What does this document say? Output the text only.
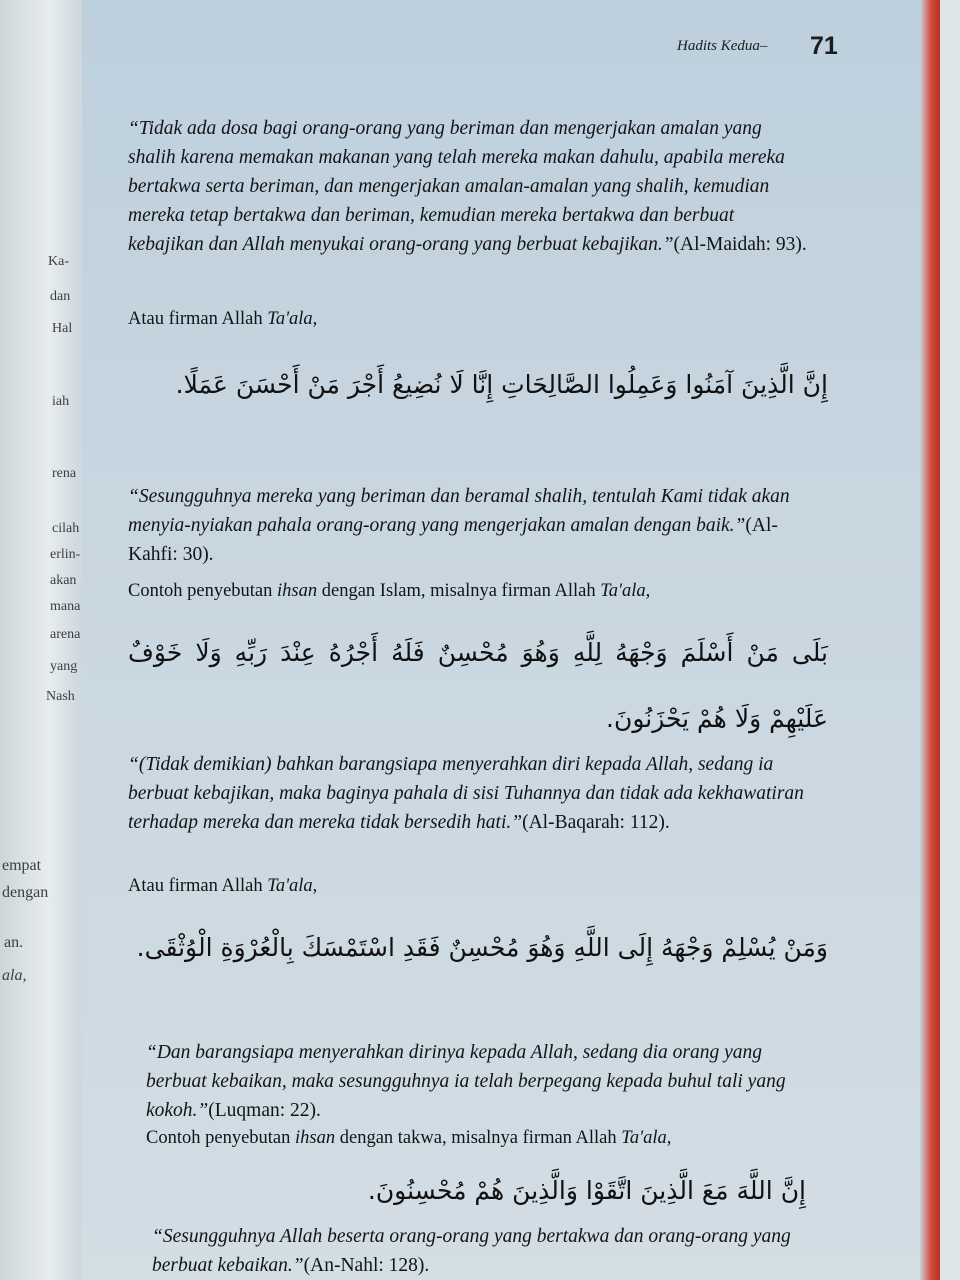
Ka-
dan
Hal
iah
rena
cilah
erlin-
akan
mana
arena
yang
Nash
empat
dengan
an.
ala,
Hadits Kedua– 71
“Tidak ada dosa bagi orang-orang yang beriman dan mengerjakan amalan yang shalih karena memakan makanan yang telah mereka makan dahulu, apabila mereka bertakwa serta beriman, dan mengerjakan amalan-amalan yang shalih, kemudian mereka tetap bertakwa dan beriman, kemudian mereka bertakwa dan berbuat kebajikan dan Allah menyukai orang-orang yang berbuat kebajikan.”(Al-Maidah: 93).
Atau firman Allah Ta'ala,
إِنَّ الَّذِينَ آمَنُوا وَعَمِلُوا الصَّالِحَاتِ إِنَّا لَا نُضِيعُ أَجْرَ مَنْ أَحْسَنَ عَمَلًا.
“Sesungguhnya mereka yang beriman dan beramal shalih, tentulah Kami tidak akan menyia-nyiakan pahala orang-orang yang mengerjakan amalan dengan baik.”(Al-Kahfi: 30).
Contoh penyebutan ihsan dengan Islam, misalnya firman Allah Ta'ala,
بَلَى مَنْ أَسْلَمَ وَجْهَهُ لِلَّهِ وَهُوَ مُحْسِنٌ فَلَهُ أَجْرُهُ عِنْدَ رَبِّهِ وَلَا خَوْفٌ عَلَيْهِمْ وَلَا هُمْ يَحْزَنُونَ.
“(Tidak demikian) bahkan barangsiapa menyerahkan diri kepada Allah, sedang ia berbuat kebajikan, maka baginya pahala di sisi Tuhannya dan tidak ada kekhawatiran terhadap mereka dan mereka tidak bersedih hati.”(Al-Baqarah: 112).
Atau firman Allah Ta'ala,
وَمَنْ يُسْلِمْ وَجْهَهُ إِلَى اللَّهِ وَهُوَ مُحْسِنٌ فَقَدِ اسْتَمْسَكَ بِالْعُرْوَةِ الْوُثْقَى.
“Dan barangsiapa menyerahkan dirinya kepada Allah, sedang dia orang yang berbuat kebaikan, maka sesungguhnya ia telah berpegang kepada buhul tali yang kokoh.”(Luqman: 22).
Contoh penyebutan ihsan dengan takwa, misalnya firman Allah Ta'ala,
إِنَّ اللَّهَ مَعَ الَّذِينَ اتَّقَوْا وَالَّذِينَ هُمْ مُحْسِنُونَ.
“Sesungguhnya Allah beserta orang-orang yang bertakwa dan orang-orang yang berbuat kebaikan.”(An-Nahl: 128).
